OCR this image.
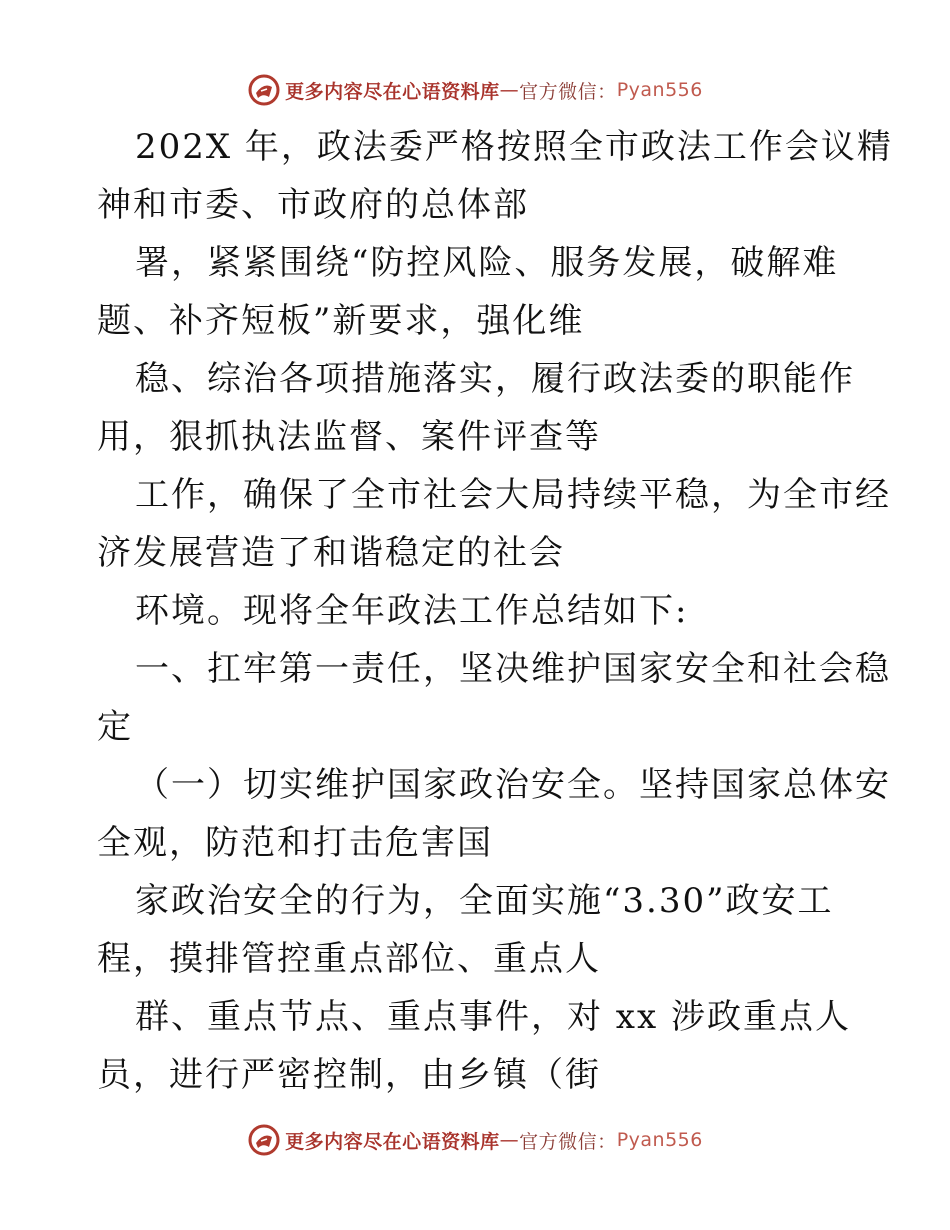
更多内容尽在心语资料库 — 官方微信： Pyan556
202X 年，政法委严格按照全市政法工作会议精
神和市委、市政府的总体部
署，紧紧围绕“防控风险、服务发展，破解难
题、补齐短板”新要求，强化维
稳、综治各项措施落实，履行政法委的职能作
用，狠抓执法监督、案件评查等
工作，确保了全市社会大局持续平稳，为全市经
济发展营造了和谐稳定的社会
环境。现将全年政法工作总结如下:
一、扛牢第一责任，坚决维护国家安全和社会稳
定
（一）切实维护国家政治安全。坚持国家总体安
全观，防范和打击危害国
家政治安全的行为，全面实施“3.30”政安工
程，摸排管控重点部位、重点人
群、重点节点、重点事件，对 xx 涉政重点人
员，进行严密控制，由乡镇（街
更多内容尽在心语资料库 — 官方微信： Pyan556
